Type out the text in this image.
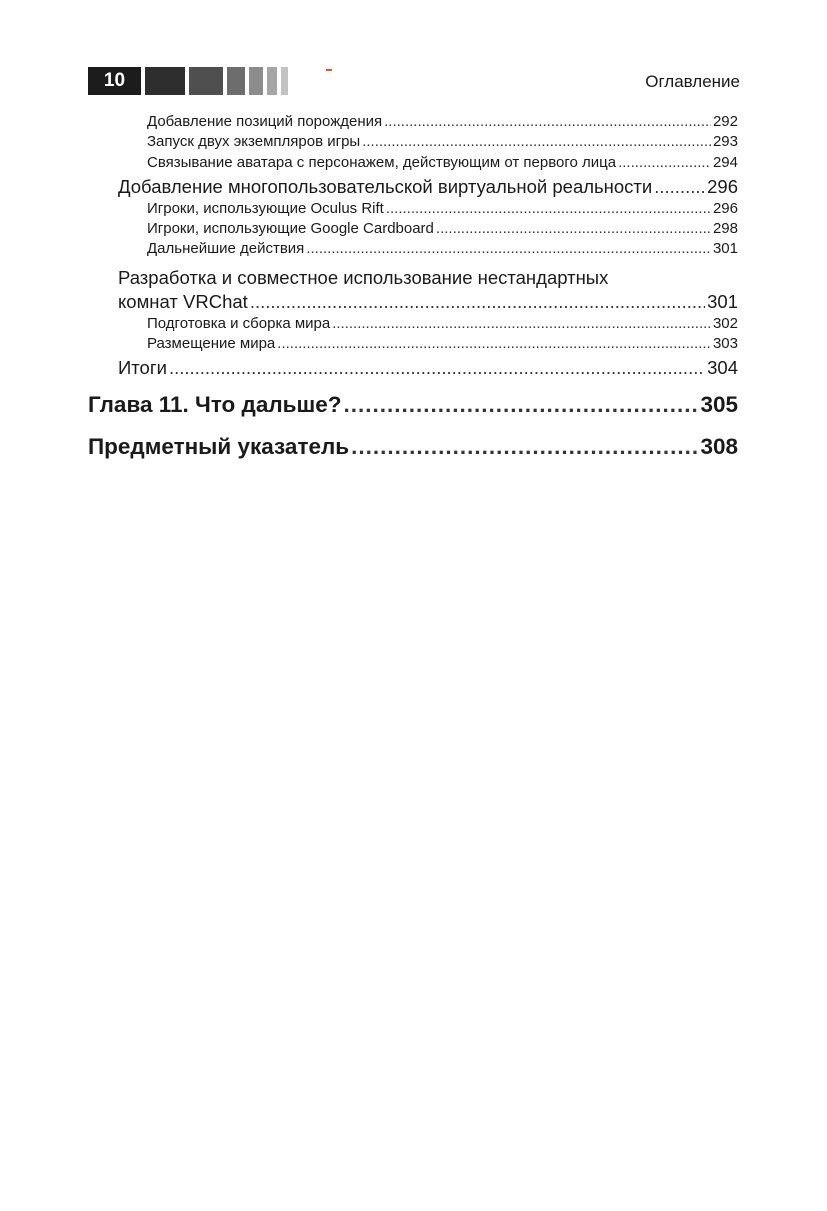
10	Оглавление
Добавление позиций порождения .....	292
Запуск двух экземпляров игры .....	293
Связывание аватара с персонажем, действующим от первого лица .....	294
Добавление многопользовательской виртуальной реальности .....	296
Игроки, использующие Oculus Rift .....	296
Игроки, использующие Google Cardboard .....	298
Дальнейшие действия .....	301
Разработка и совместное использование нестандартных
комнат VRChat .....	301
Подготовка и сборка мира .....	302
Размещение мира .....	303
Итоги .....	304
Глава 11. Что дальше? .....	305
Предметный указатель .....	308
